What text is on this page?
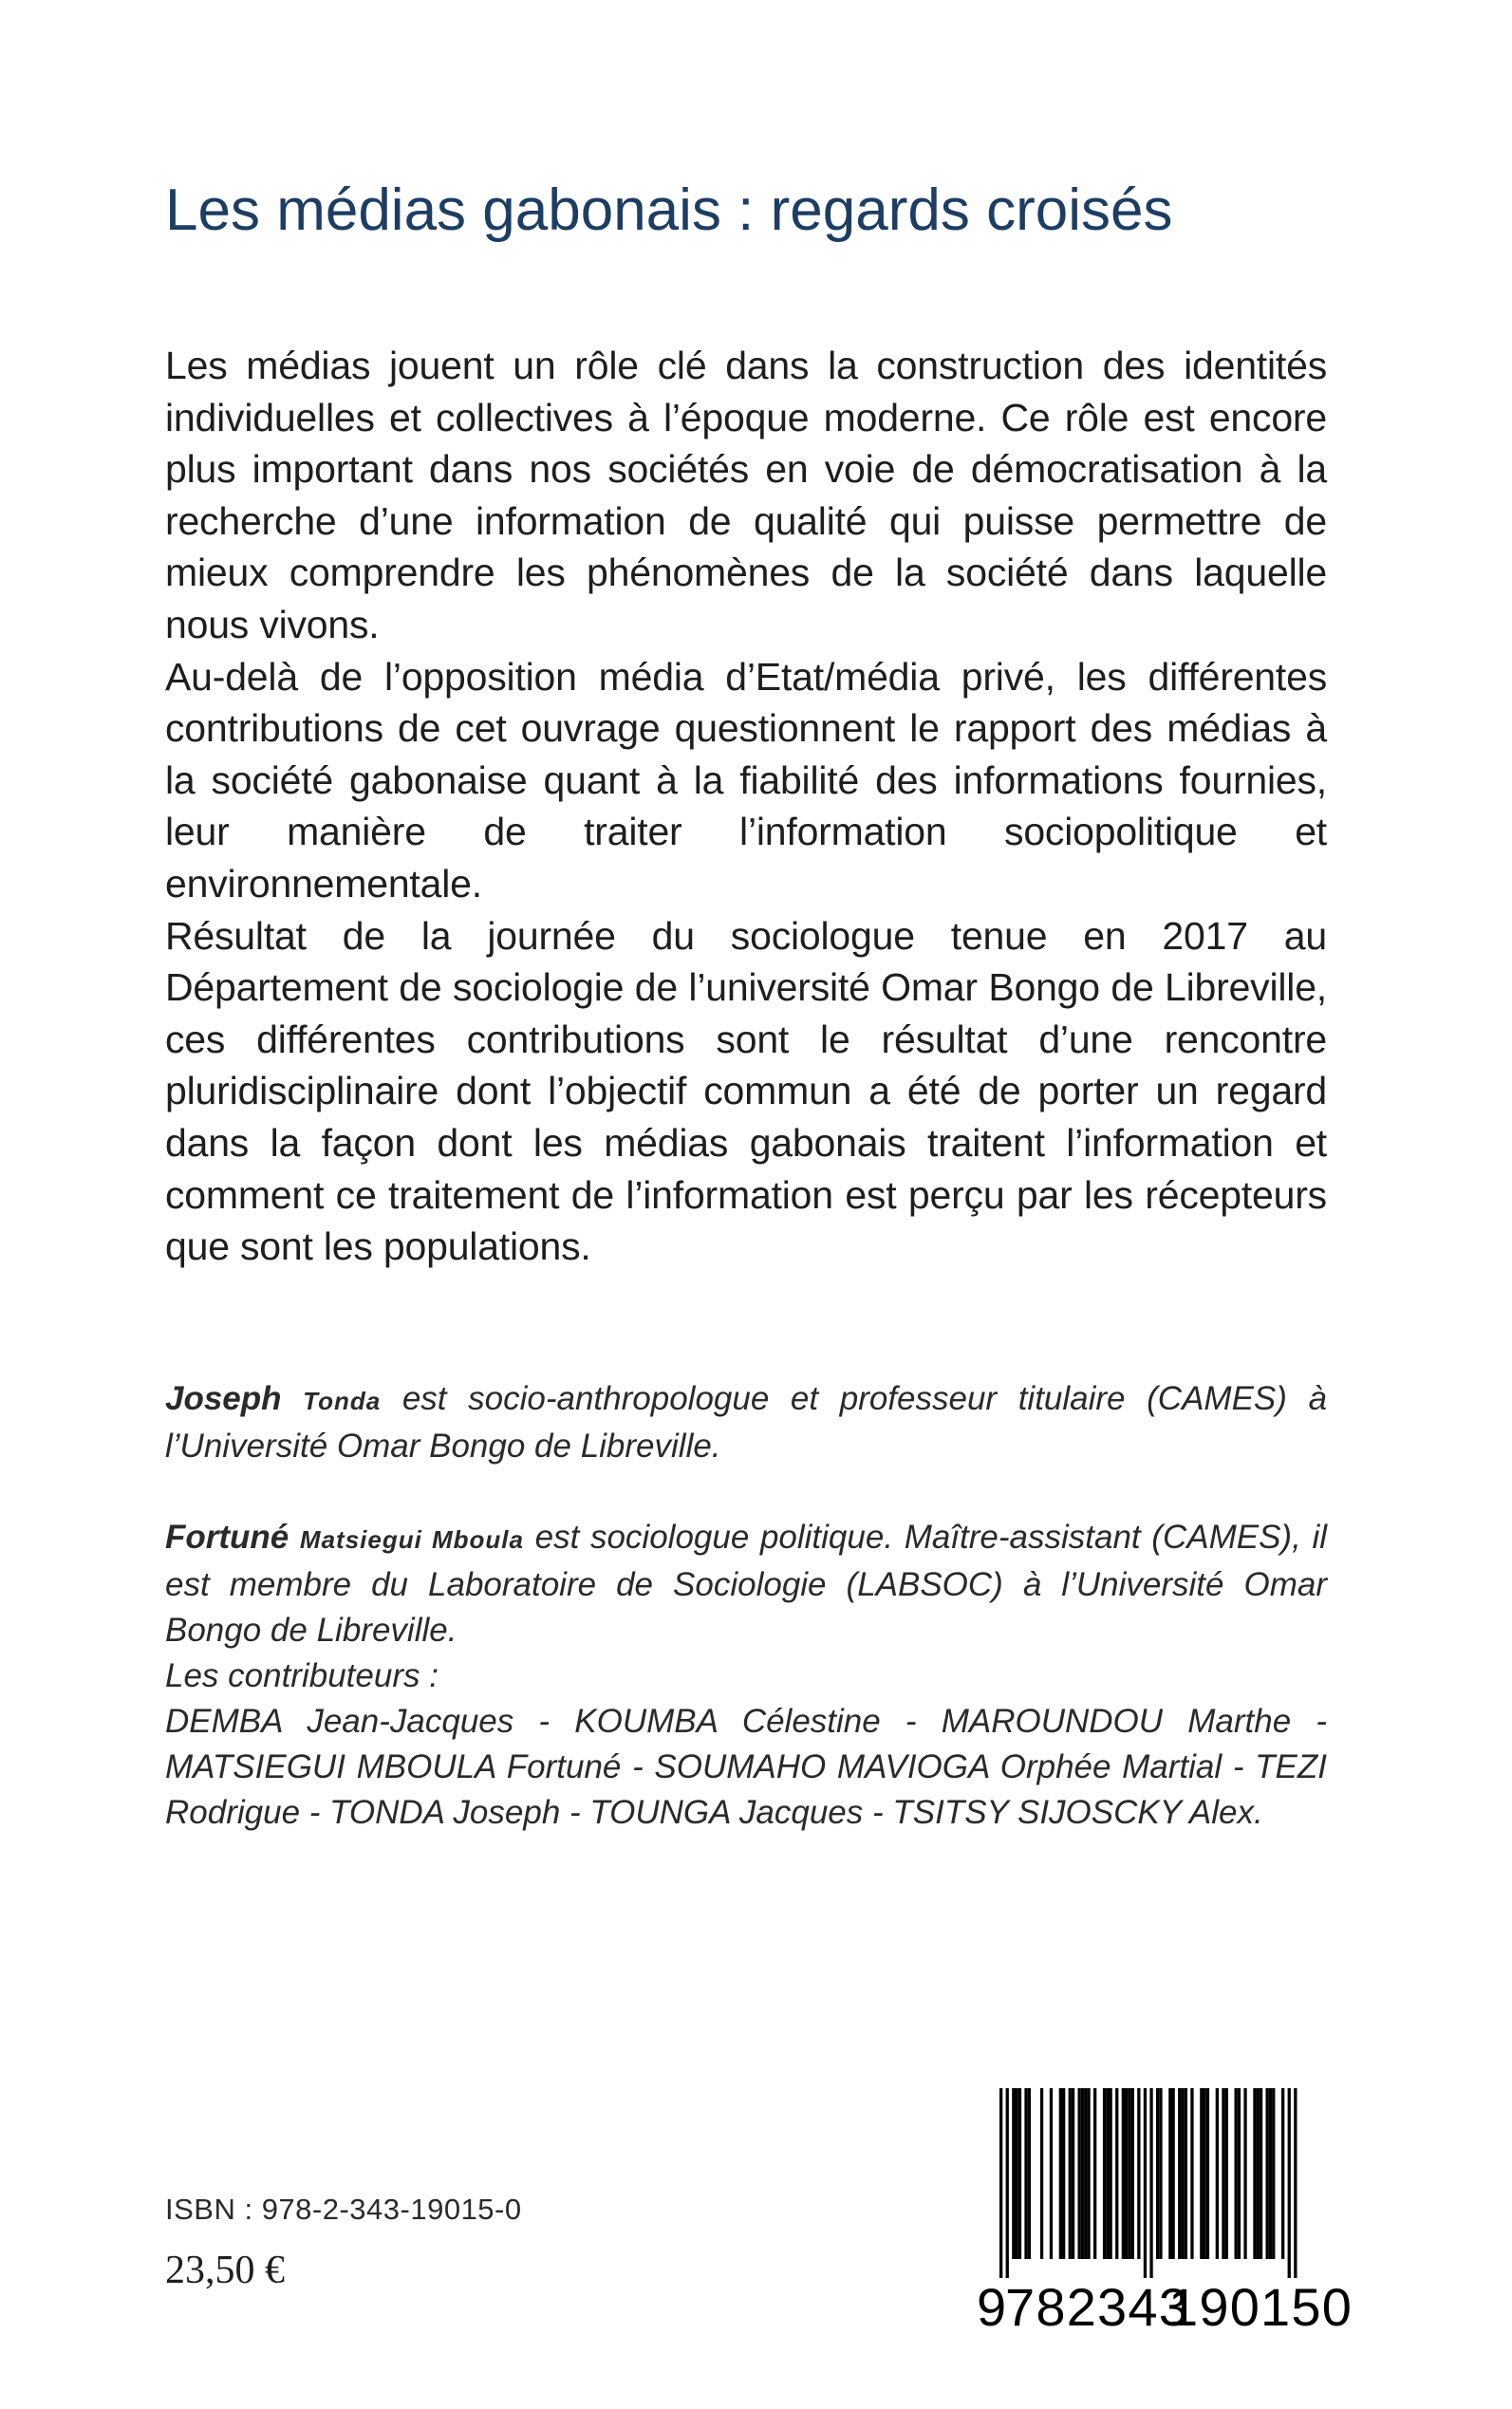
Les médias gabonais : regards croisés

Les médias jouent un rôle clé dans la construction des identités individuelles et collectives à l’époque moderne. Ce rôle est encore plus important dans nos sociétés en voie de démocratisation à la recherche d’une information de qualité qui puisse permettre de mieux comprendre les phénomènes de la société dans laquelle nous vivons.

Au-delà de l’opposition média d’Etat/média privé, les différentes contributions de cet ouvrage questionnent le rapport des médias à la société gabonaise quant à la fiabilité des informations fournies, leur manière de traiter l’information sociopolitique et environnementale.

Résultat de la journée du sociologue tenue en 2017 au Département de sociologie de l’université Omar Bongo de Libreville, ces différentes contributions sont le résultat d’une rencontre pluridisciplinaire dont l’objectif commun a été de porter un regard dans la façon dont les médias gabonais traitent l’information et comment ce traitement de l’information est perçu par les récepteurs que sont les populations.

Joseph Tonda est socio-anthropologue et professeur titulaire (CAMES) à l’Université Omar Bongo de Libreville.

Fortuné Matsiegui Mboula est sociologue politique. Maître-assistant (CAMES), il est membre du Laboratoire de Sociologie (LABSOC) à l’Université Omar Bongo de Libreville.

Les contributeurs :

DEMBA Jean-Jacques - KOUMBA Célestine - MAROUNDOU Marthe - MATSIEGUI MBOULA Fortuné - SOUMAHO MAVIOGA Orphée Martial - TEZI Rodrigue - TONDA Joseph - TOUNGA Jacques - TSITSY SIJOSCKY Alex.

ISBN : 978-2-343-19015-0
23,50 €
9
782343
190150
